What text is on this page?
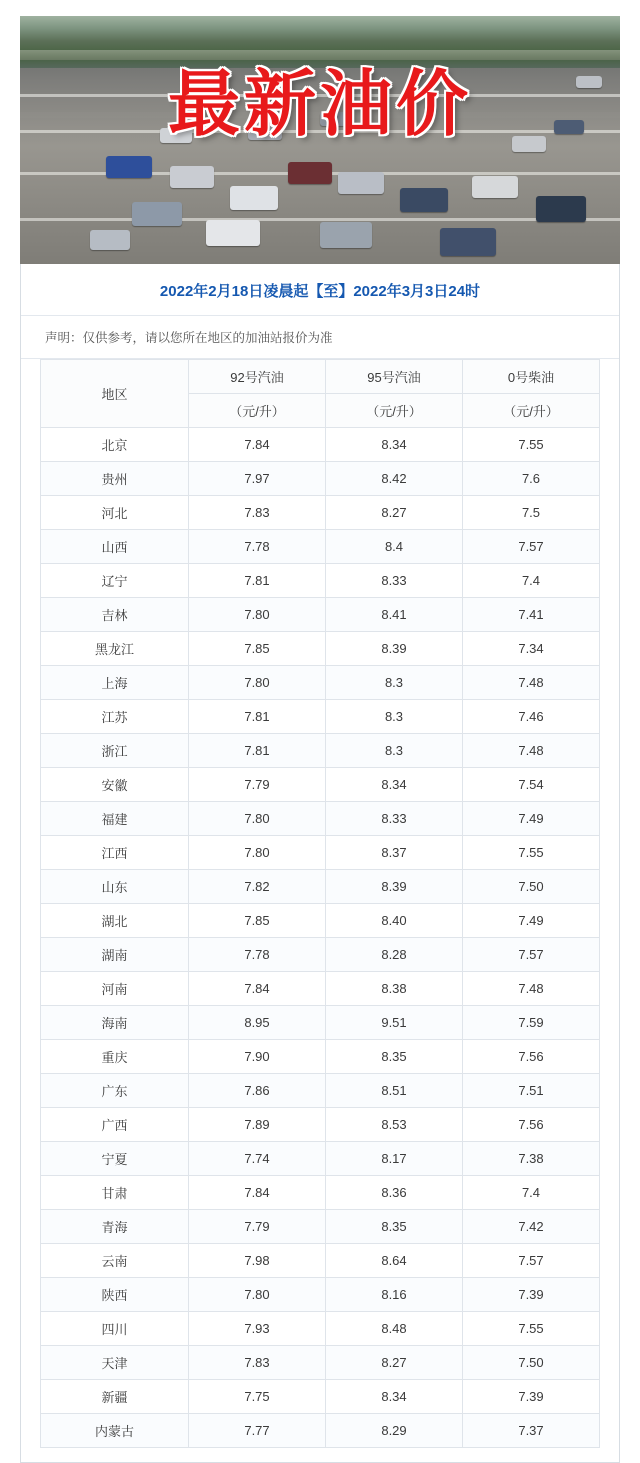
最新油价
2022年2月18日凌晨起【至】2022年3月3日24时
声明：仅供参考，请以您所在地区的加油站报价为准
地区	92号汽油	95号汽油	0号柴油
	（元/升）	（元/升）	（元/升）
北京	7.84	8.34	7.55
贵州	7.97	8.42	7.6
河北	7.83	8.27	7.5
山西	7.78	8.4	7.57
辽宁	7.81	8.33	7.4
吉林	7.80	8.41	7.41
黑龙江	7.85	8.39	7.34
上海	7.80	8.3	7.48
江苏	7.81	8.3	7.46
浙江	7.81	8.3	7.48
安徽	7.79	8.34	7.54
福建	7.80	8.33	7.49
江西	7.80	8.37	7.55
山东	7.82	8.39	7.50
湖北	7.85	8.40	7.49
湖南	7.78	8.28	7.57
河南	7.84	8.38	7.48
海南	8.95	9.51	7.59
重庆	7.90	8.35	7.56
广东	7.86	8.51	7.51
广西	7.89	8.53	7.56
宁夏	7.74	8.17	7.38
甘肃	7.84	8.36	7.4
青海	7.79	8.35	7.42
云南	7.98	8.64	7.57
陕西	7.80	8.16	7.39
四川	7.93	8.48	7.55
天津	7.83	8.27	7.50
新疆	7.75	8.34	7.39
内蒙古	7.77	8.29	7.37
